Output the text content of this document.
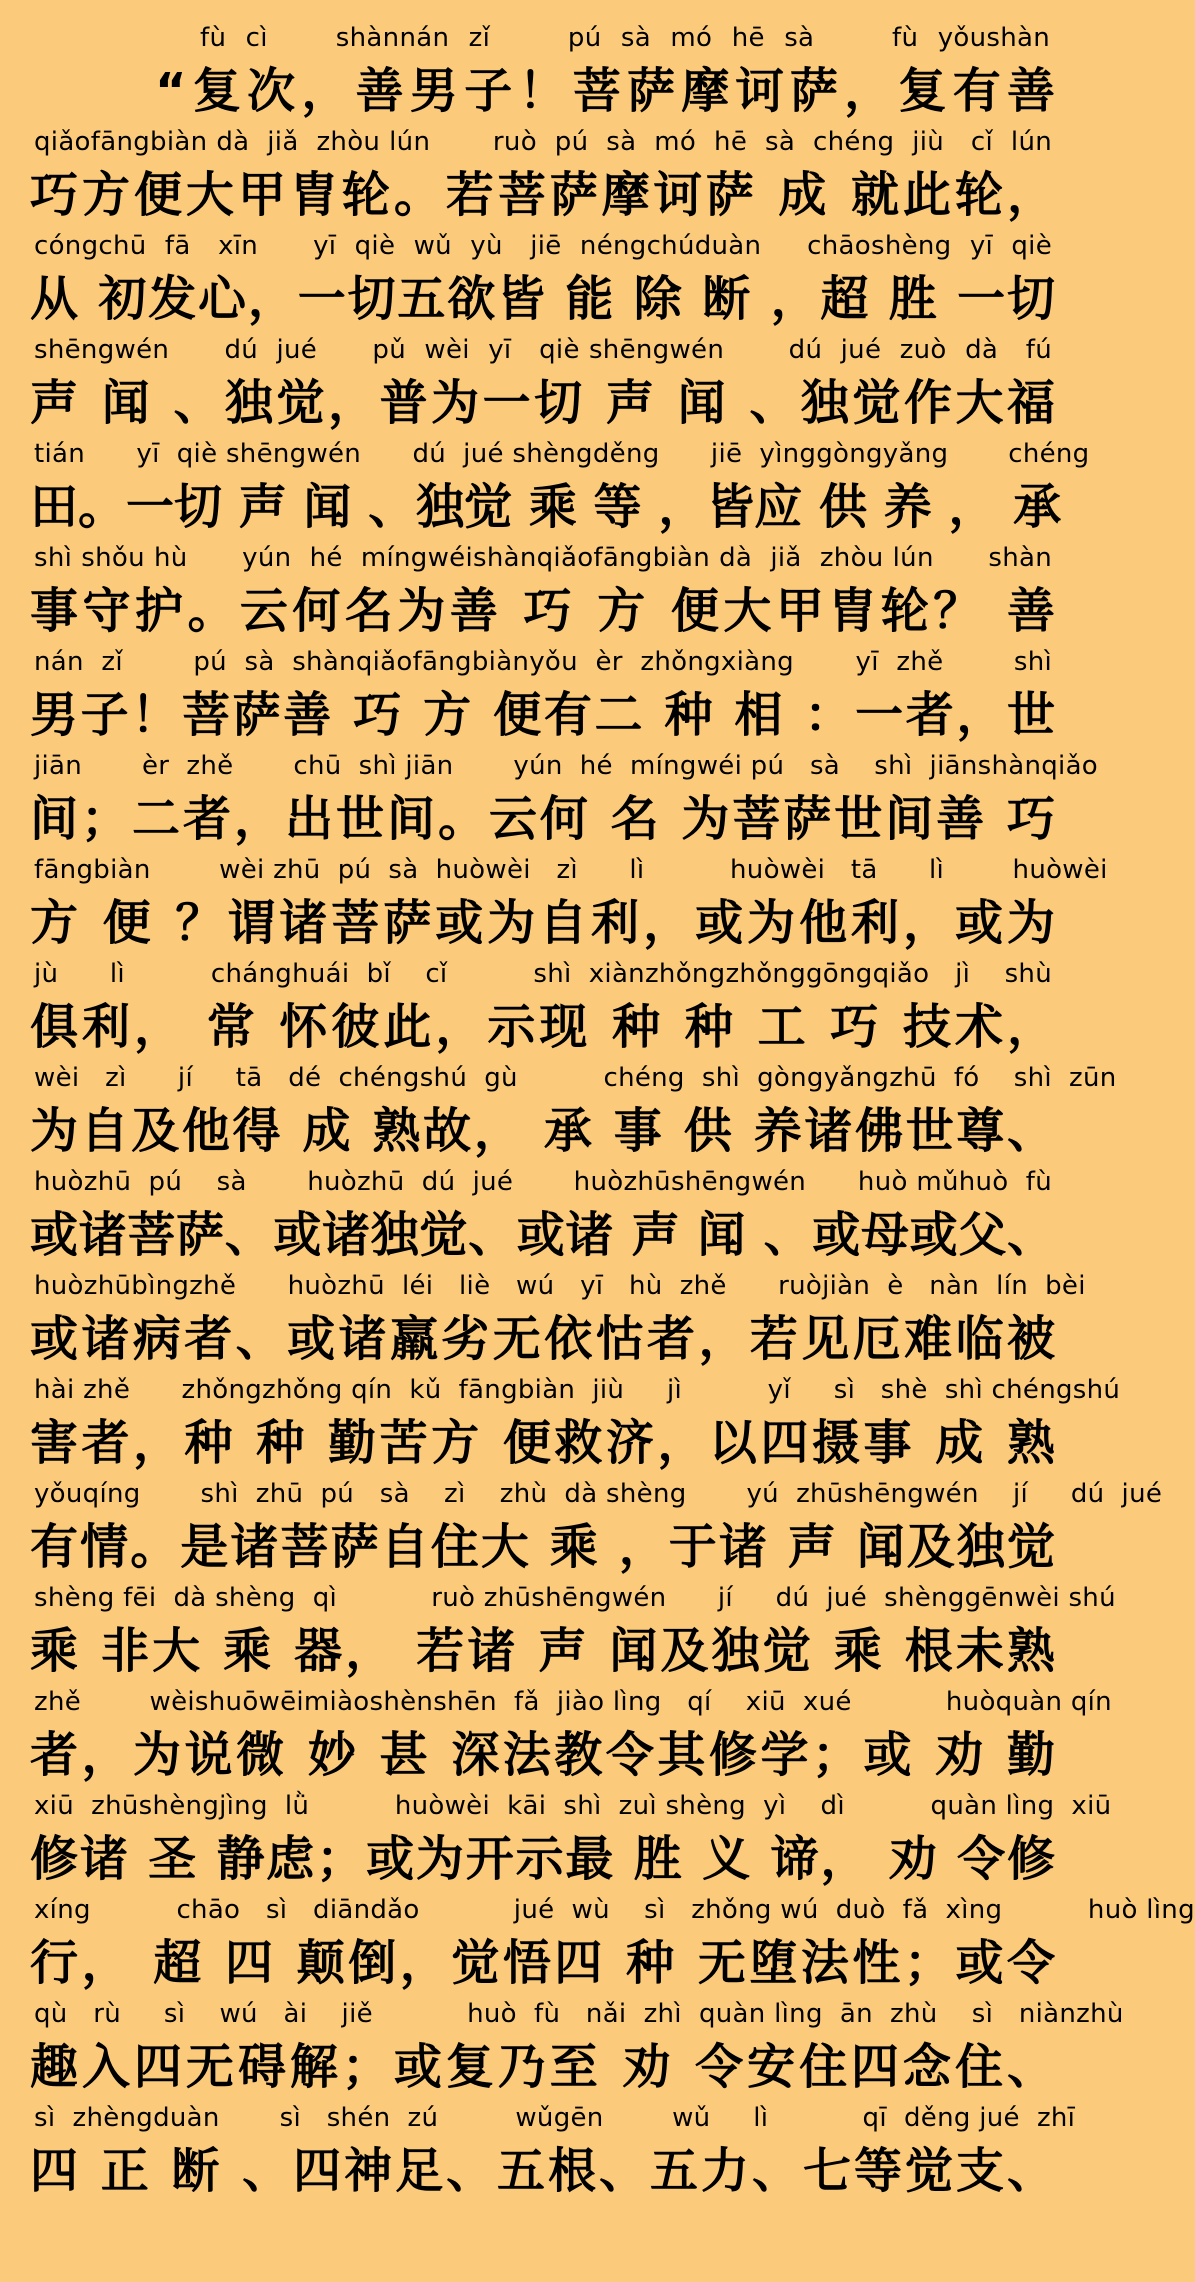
fù  cì       shànnán  zǐ        pú  sà  mó  hē  sà        fù  yǒushàn
“复次，善男子！菩萨摩诃萨，复有善
qiǎofāngbiàn dà  jiǎ  zhòu lún       ruò  pú  sà  mó  hē  sà  chéng  jiù   cǐ  lún
巧方便大甲胄轮。若菩萨摩诃萨 成 就此轮，
cóngchū  fā   xīn      yī  qiè  wǔ  yù   jiē  néngchúduàn     chāoshèng  yī  qiè
从 初发心，一切五欲皆 能 除 断 ，超 胜 一切
shēngwén      dú  jué      pǔ  wèi  yī   qiè shēngwén       dú  jué  zuò  dà   fú
声 闻 、独觉，普为一切 声 闻 、独觉作大福
tián      yī  qiè shēngwén      dú  jué shèngděng      jiē  yìnggòngyǎng       chéng
田。一切 声 闻 、独觉 乘 等 ，皆应 供 养 ， 承
shì shǒu hù      yún  hé  míngwéishànqiǎofāngbiàn dà  jiǎ  zhòu lún      shàn
事守护。云何名为善 巧 方 便大甲胄轮？ 善
nán  zǐ        pú  sà  shànqiǎofāngbiànyǒu  èr  zhǒngxiàng       yī  zhě        shì
男子！菩萨善 巧 方 便有二 种 相 ：一者，世
jiān       èr  zhě       chū  shì jiān       yún  hé  míngwéi pú   sà    shì  jiānshànqiǎo
间；二者，出世间。云何 名 为菩萨世间善 巧
fāngbiàn        wèi zhū  pú  sà  huòwèi   zì      lì          huòwèi   tā      lì        huòwèi
方 便 ？谓诸菩萨或为自利，或为他利，或为
jù      lì          chánghuái  bǐ    cǐ          shì  xiànzhǒngzhǒnggōngqiǎo   jì    shù
俱利， 常 怀彼此，示现 种 种 工 巧 技术，
wèi   zì      jí     tā   dé  chéngshú  gù          chéng  shì  gòngyǎngzhū  fó    shì  zūn
为自及他得 成 熟故， 承 事 供 养诸佛世尊、
huòzhū  pú    sà       huòzhū  dú  jué       huòzhūshēngwén      huò mǔhuò  fù
或诸菩萨、或诸独觉、或诸 声 闻 、或母或父、
huòzhūbìngzhě      huòzhū  léi   liè   wú   yī   hù  zhě      ruòjiàn  è   nàn  lín  bèi
或诸病者、或诸羸劣无依怙者，若见厄难临被
hài zhě      zhǒngzhǒng qín  kǔ  fāngbiàn  jiù     jì          yǐ     sì   shè  shì chéngshú
害者，种 种 勤苦方 便救济，以四摄事 成 熟
yǒuqíng       shì  zhū  pú   sà    zì    zhù  dà shèng       yú  zhūshēngwén    jí     dú  jué
有情。是诸菩萨自住大 乘 ，于诸 声 闻及独觉
shèng fēi  dà shèng  qì           ruò zhūshēngwén      jí     dú  jué  shènggēnwèi shú
乘 非大 乘 器， 若诸 声 闻及独觉 乘 根未熟
zhě        wèishuōwēimiàoshènshēn  fǎ  jiào lìng   qí    xiū  xué           huòquàn qín
者，为说微 妙 甚 深法教令其修学；或 劝 勤
xiū  zhūshèngjìng  lǜ          huòwèi  kāi  shì  zuì shèng  yì    dì          quàn lìng  xiū
修诸 圣 静虑；或为开示最 胜 义 谛， 劝 令修
xíng          chāo   sì   diāndǎo           jué  wù    sì   zhǒng wú  duò  fǎ  xìng          huò lìng
行， 超 四 颠倒，觉悟四 种 无堕法性；或令
qù   rù     sì    wú   ài    jiě           huò  fù   nǎi  zhì  quàn lìng  ān  zhù    sì   niànzhù
趣入四无碍解；或复乃至 劝 令安住四念住、
sì  zhèngduàn       sì   shén  zú         wǔgēn        wǔ     lì           qī  děng jué  zhī
四 正 断 、四神足、五根、五力、七等觉支、
